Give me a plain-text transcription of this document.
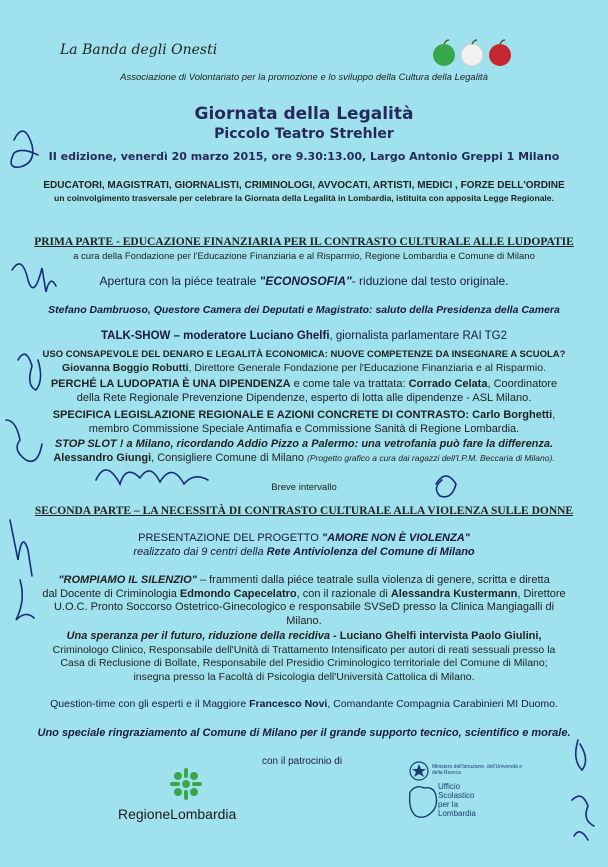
La Banda degli Onesti
Associazione di Volontariato per la promozione e lo sviluppo della Cultura della Legalità
Giornata della Legalità
Piccolo Teatro Strehler
II edizione, venerdì 20 marzo 2015, ore 9.30:13.00, Largo Antonio Greppi 1 Milano
EDUCATORI, MAGISTRATI, GIORNALISTI, CRIMINOLOGI, AVVOCATI, ARTISTI, MEDICI , FORZE DELL'ORDINE
un coinvolgimento trasversale per celebrare la Giornata della Legalità in Lombardia, istituita con apposita Legge Regionale.
PRIMA PARTE - EDUCAZIONE FINANZIARIA PER IL CONTRASTO CULTURALE ALLE LUDOPATIE
a cura della Fondazione per l'Educazione Finanziaria e al Risparmio, Regione Lombardia e Comune di Milano
Apertura con la piéce teatrale "ECONOSOFIA"- riduzione dal testo originale.
Stefano Dambruoso, Questore Camera dei Deputati e Magistrato: saluto della Presidenza della Camera
TALK-SHOW – moderatore Luciano Ghelfi, giornalista parlamentare RAI TG2
USO CONSAPEVOLE DEL DENARO E LEGALITÀ ECONOMICA: NUOVE COMPETENZE DA INSEGNARE A SCUOLA?
Giovanna Boggio Robutti, Direttore Generale Fondazione per l'Educazione Finanziaria e al Risparmio.
PERCHÉ LA LUDOPATIA È UNA DIPENDENZA e come tale va trattata: Corrado Celata, Coordinatore
della Rete Regionale Prevenzione Dipendenze, esperto di lotta alle dipendenze - ASL Milano.
SPECIFICA LEGISLAZIONE REGIONALE E AZIONI CONCRETE DI CONTRASTO: Carlo Borghetti,
membro Commissione Speciale Antimafia e Commissione Sanità di Regione Lombardia.
STOP SLOT ! a Milano, ricordando Addio Pizzo a Palermo: una vetrofania può fare la differenza.
Alessandro Giungi, Consigliere Comune di Milano (Progetto grafico a cura dai ragazzi dell'I.P.M. Beccaria di Milano).
Breve intervallo
SECONDA PARTE – LA NECESSITÀ DI CONTRASTO CULTURALE ALLA VIOLENZA SULLE DONNE
PRESENTAZIONE DEL PROGETTO "AMORE NON È VIOLENZA"
realizzato dai 9 centri della Rete Antiviolenza del Comune di Milano
"ROMPIAMO IL SILENZIO" – frammenti dalla piéce teatrale sulla violenza di genere, scritta e diretta
dal Docente di Criminologia Edmondo Capecelatro, con il razionale di Alessandra Kustermann, Direttore
U.O.C. Pronto Soccorso Ostetrico-Ginecologico e responsabile SVSeD presso la Clinica Mangiagalli di Milano.
Una speranza per il futuro, riduzione della recidiva - Luciano Ghelfi intervista Paolo Giulini,
Criminologo Clinico, Responsabile dell'Unità di Trattamento Intensificato per autori di reati sessuali presso la
Casa di Reclusione di Bollate, Responsabile del Presidio Criminologico territoriale del Comune di Milano;
insegna presso la Facoltà di Psicologia dell'Università Cattolica di Milano.
Question-time con gli esperti e il Maggiore Francesco Novi, Comandante Compagnia Carabinieri MI Duomo.
Uno speciale ringraziamento al Comune di Milano per il grande supporto tecnico, scientifico e morale.
con il patrocinio di
RegioneLombardia
Ministero dell'Istruzione, dell'Università e della Ricerca
Ufficio
Scolastico
per la
Lombardia
